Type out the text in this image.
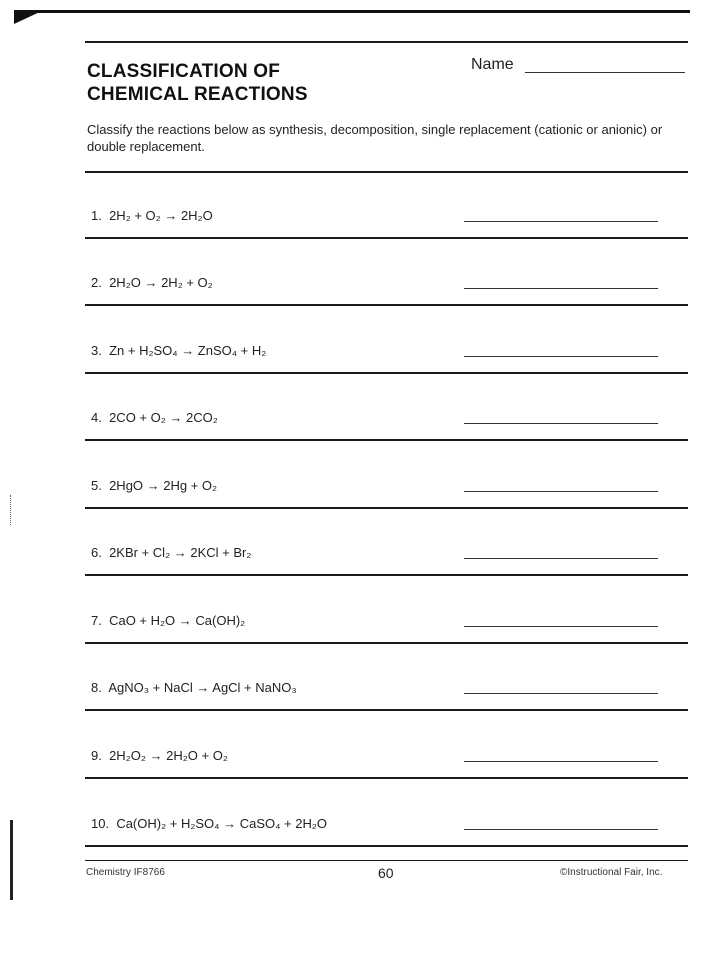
CLASSIFICATION OF
CHEMICAL REACTIONS
Name
Classify the reactions below as synthesis, decomposition, single replacement (cationic or anionic) or double replacement.
1. 2H₂ + O₂ → 2H₂O
2. 2H₂O → 2H₂ + O₂
3. Zn + H₂SO₄ → ZnSO₄ + H₂
4. 2CO + O₂ → 2CO₂
5. 2HgO → 2Hg + O₂
6. 2KBr + Cl₂ → 2KCl + Br₂
7. CaO + H₂O → Ca(OH)₂
8. AgNO₃ + NaCl → AgCl + NaNO₃
9. 2H₂O₂ → 2H₂O + O₂
10. Ca(OH)₂ + H₂SO₄ → CaSO₄ + 2H₂O
Chemistry IF8766	60	©Instructional Fair, Inc.
